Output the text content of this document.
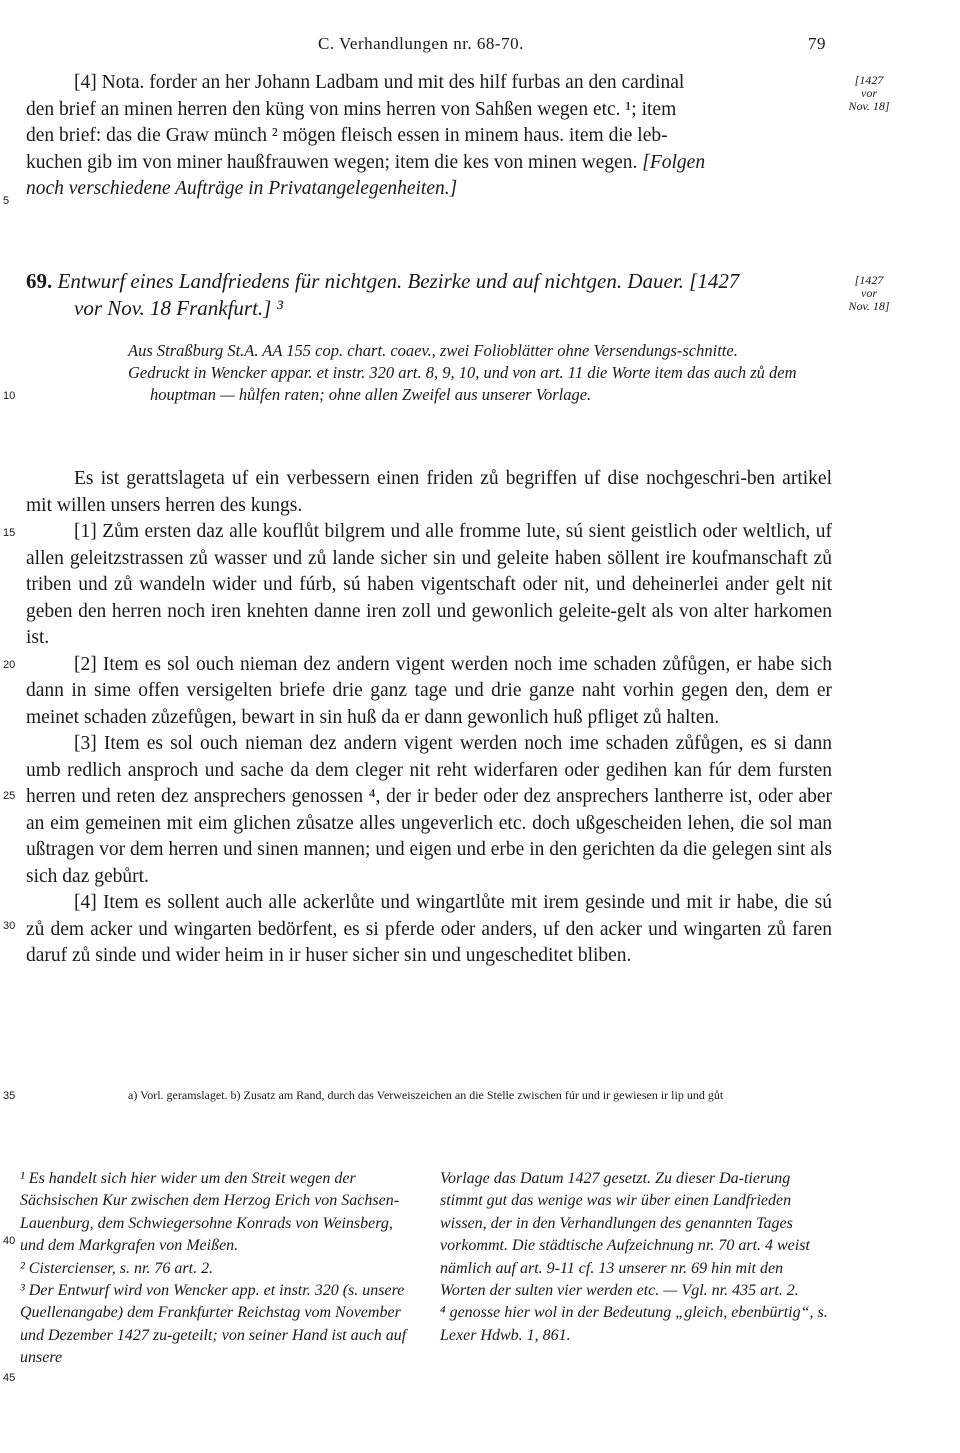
C. Verhandlungen nr. 68-70.	79

[4] Nota. forder an her Johann Ladbam und mit des hilf furbas an den cardinal

den brief an minen herren den küng von mins herren von Sahßen wegen etc. ¹; item

den brief: das die Graw münch ² mögen fleisch essen in minem haus. item die leb-

kuchen gib im von miner haußfrauwen wegen; item die kes von minen wegen. [Folgen

noch verschiedene Aufträge in Privatangelegenheiten.]

[1427
vor
Nov. 18]
69. Entwurf eines Landfriedens für nichtgen. Bezirke und auf nichtgen. Dauer. [1427
vor Nov. 18 Frankfurt.] ³
[1427
vor
Nov. 18]

Aus Straßburg St.A. AA 155 cop. chart. coaev., zwei Folioblätter ohne Versendungs-schnitte.

Gedruckt in Wencker appar. et instr. 320 art. 8, 9, 10, und von art. 11 die Worte item das auch zů dem houptman — hůlfen raten; ohne allen Zweifel aus unserer Vorlage.

Es ist gerattslageta uf ein verbessern einen friden zů begriffen uf dise nochgeschri-ben artikel mit willen unsers herren des kungs.

[1] Zům ersten daz alle kouflůt bilgrem und alle fromme lute, sú sient geistlich oder weltlich, uf allen geleitzstrassen zů wasser und zů lande sicher sin und geleite haben söllent ire koufmanschaft zů triben und zů wandeln wider und fúrb, sú haben vigentschaft oder nit, und deheinerlei ander gelt nit geben den herren noch iren knehten danne iren zoll und gewonlich geleite-gelt als von alter harkomen ist.

[2] Item es sol ouch nieman dez andern vigent werden noch ime schaden zůfůgen, er habe sich dann in sime offen versigelten briefe drie ganz tage und drie ganze naht vorhin gegen den, dem er meinet schaden zůzefůgen, bewart in sin huß da er dann gewonlich huß pfliget zů halten.

[3] Item es sol ouch nieman dez andern vigent werden noch ime schaden zůfůgen, es si dann umb redlich ansproch und sache da dem cleger nit reht widerfaren oder gedihen kan fúr dem fursten herren und reten dez ansprechers genossen ⁴, der ir beder oder dez ansprechers lantherre ist, oder aber an eim gemeinen mit eim glichen zůsatze alles ungeverlich etc. doch ußgescheiden lehen, die sol man ußtragen vor dem herren und sinen mannen; und eigen und erbe in den gerichten da die gelegen sint als sich daz gebůrt.

[4] Item es sollent auch alle ackerlůte und wingartlůte mit irem gesinde und mit ir habe, die sú zů dem acker und wingarten bedörfent, es si pferde oder anders, uf den acker und wingarten zů faren daruf zů sinde und wider heim in ir huser sicher sin und ungescheditet bliben.

5
10
15
20
25
30
35
40
45
a) Vorl. geramslaget. b) Zusatz am Rand, durch das Verweiszeichen an die Stelle zwischen fúr und ir gewiesen ir lip und gůt

¹ Es handelt sich hier wider um den Streit wegen der Sächsischen Kur zwischen dem Herzog Erich von Sachsen-Lauenburg, dem Schwiegersohne Konrads von Weinsberg, und dem Markgrafen von Meißen.

² Cistercienser, s. nr. 76 art. 2.

³ Der Entwurf wird von Wencker app. et instr. 320 (s. unsere Quellenangabe) dem Frankfurter Reichstag vom November und Dezember 1427 zu-geteilt; von seiner Hand ist auch auf unsere

Vorlage das Datum 1427 gesetzt. Zu dieser Da-tierung stimmt gut das wenige was wir über einen Landfrieden wissen, der in den Verhandlungen des genannten Tages vorkommt. Die städtische Aufzeichnung nr. 70 art. 4 weist nämlich auf art. 9-11 cf. 13 unserer nr. 69 hin mit den Worten der sulten vier werden etc. — Vgl. nr. 435 art. 2.

⁴ genosse hier wol in der Bedeutung „gleich, ebenbürtig“, s. Lexer Hdwb. 1, 861.
